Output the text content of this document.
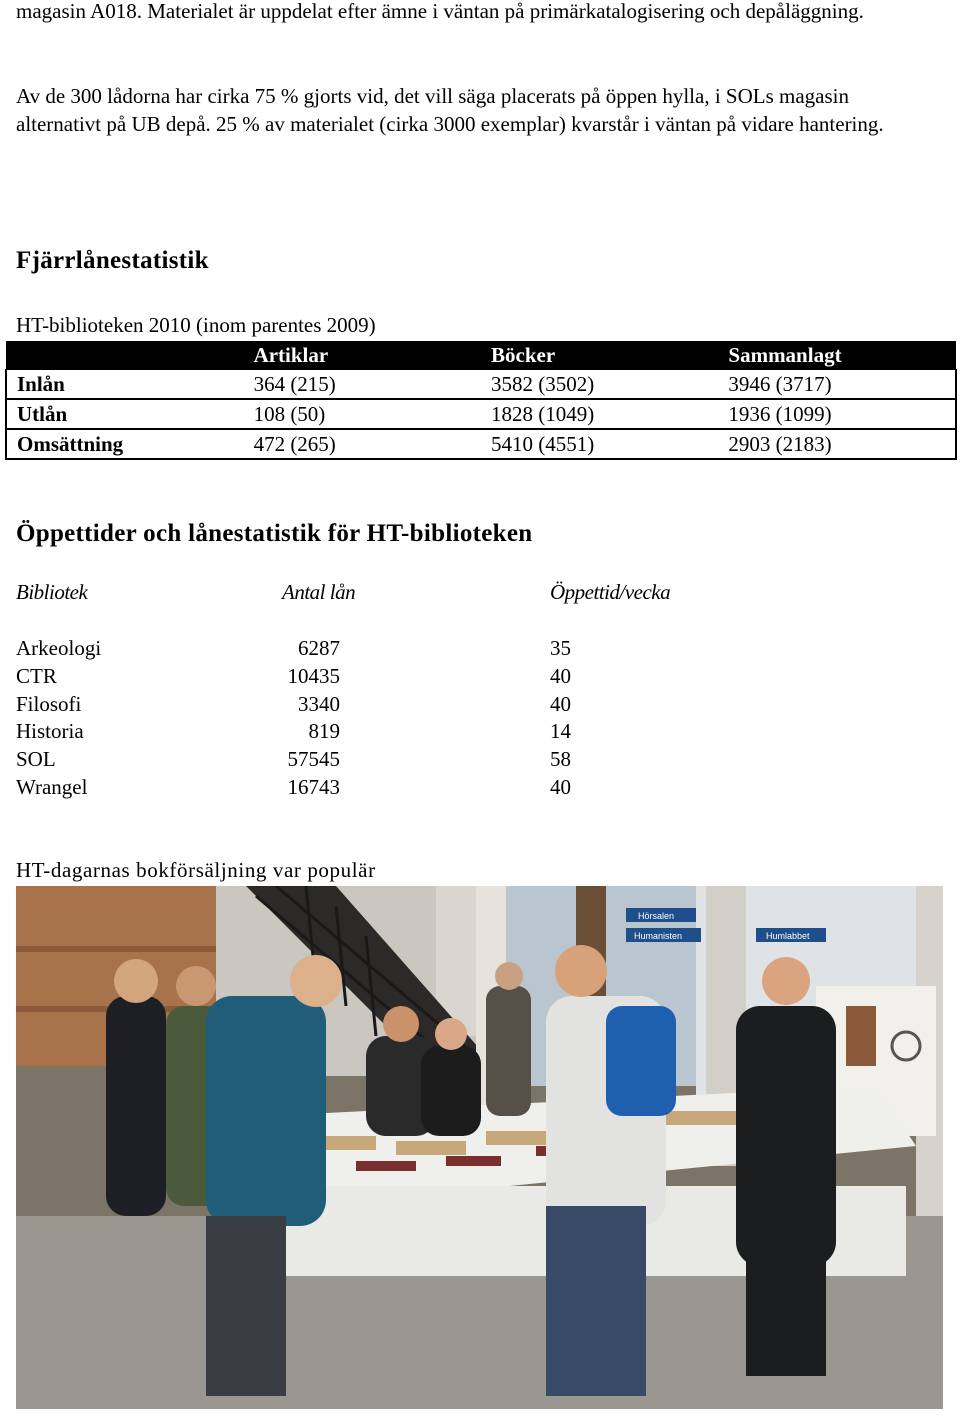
magasin A018. Materialet är uppdelat efter ämne i väntan på primärkatalogisering och depåläggning.

Av de 300 lådorna har cirka 75 % gjorts vid, det vill säga placerats på öppen hylla, i SOLs magasin alternativt på UB depå. 25 % av materialet (cirka 3000 exemplar) kvarstår i väntan på vidare hantering.

Fjärrlånestatistik
HT-biblioteken 2010 (inom parentes 2009)
	Artiklar	Böcker	Sammanlagt
Inlån	364 (215)	3582 (3502)	3946 (3717)
Utlån	108 (50)	1828 (1049)	1936 (1099)
Omsättning	472 (265)	5410 (4551)	2903 (2183)
Öppettider och lånestatistik för HT-biblioteken
Bibliotek	Antal lån	Öppettid/vecka
Arkeologi	6287	35
CTR	10435	40
Filosofi	3340	40
Historia	819	14
SOL	57545	58
Wrangel	16743	40
HT-dagarnas bokförsäljning var populär
Hörsalen
Humanisten	Humlabbet
